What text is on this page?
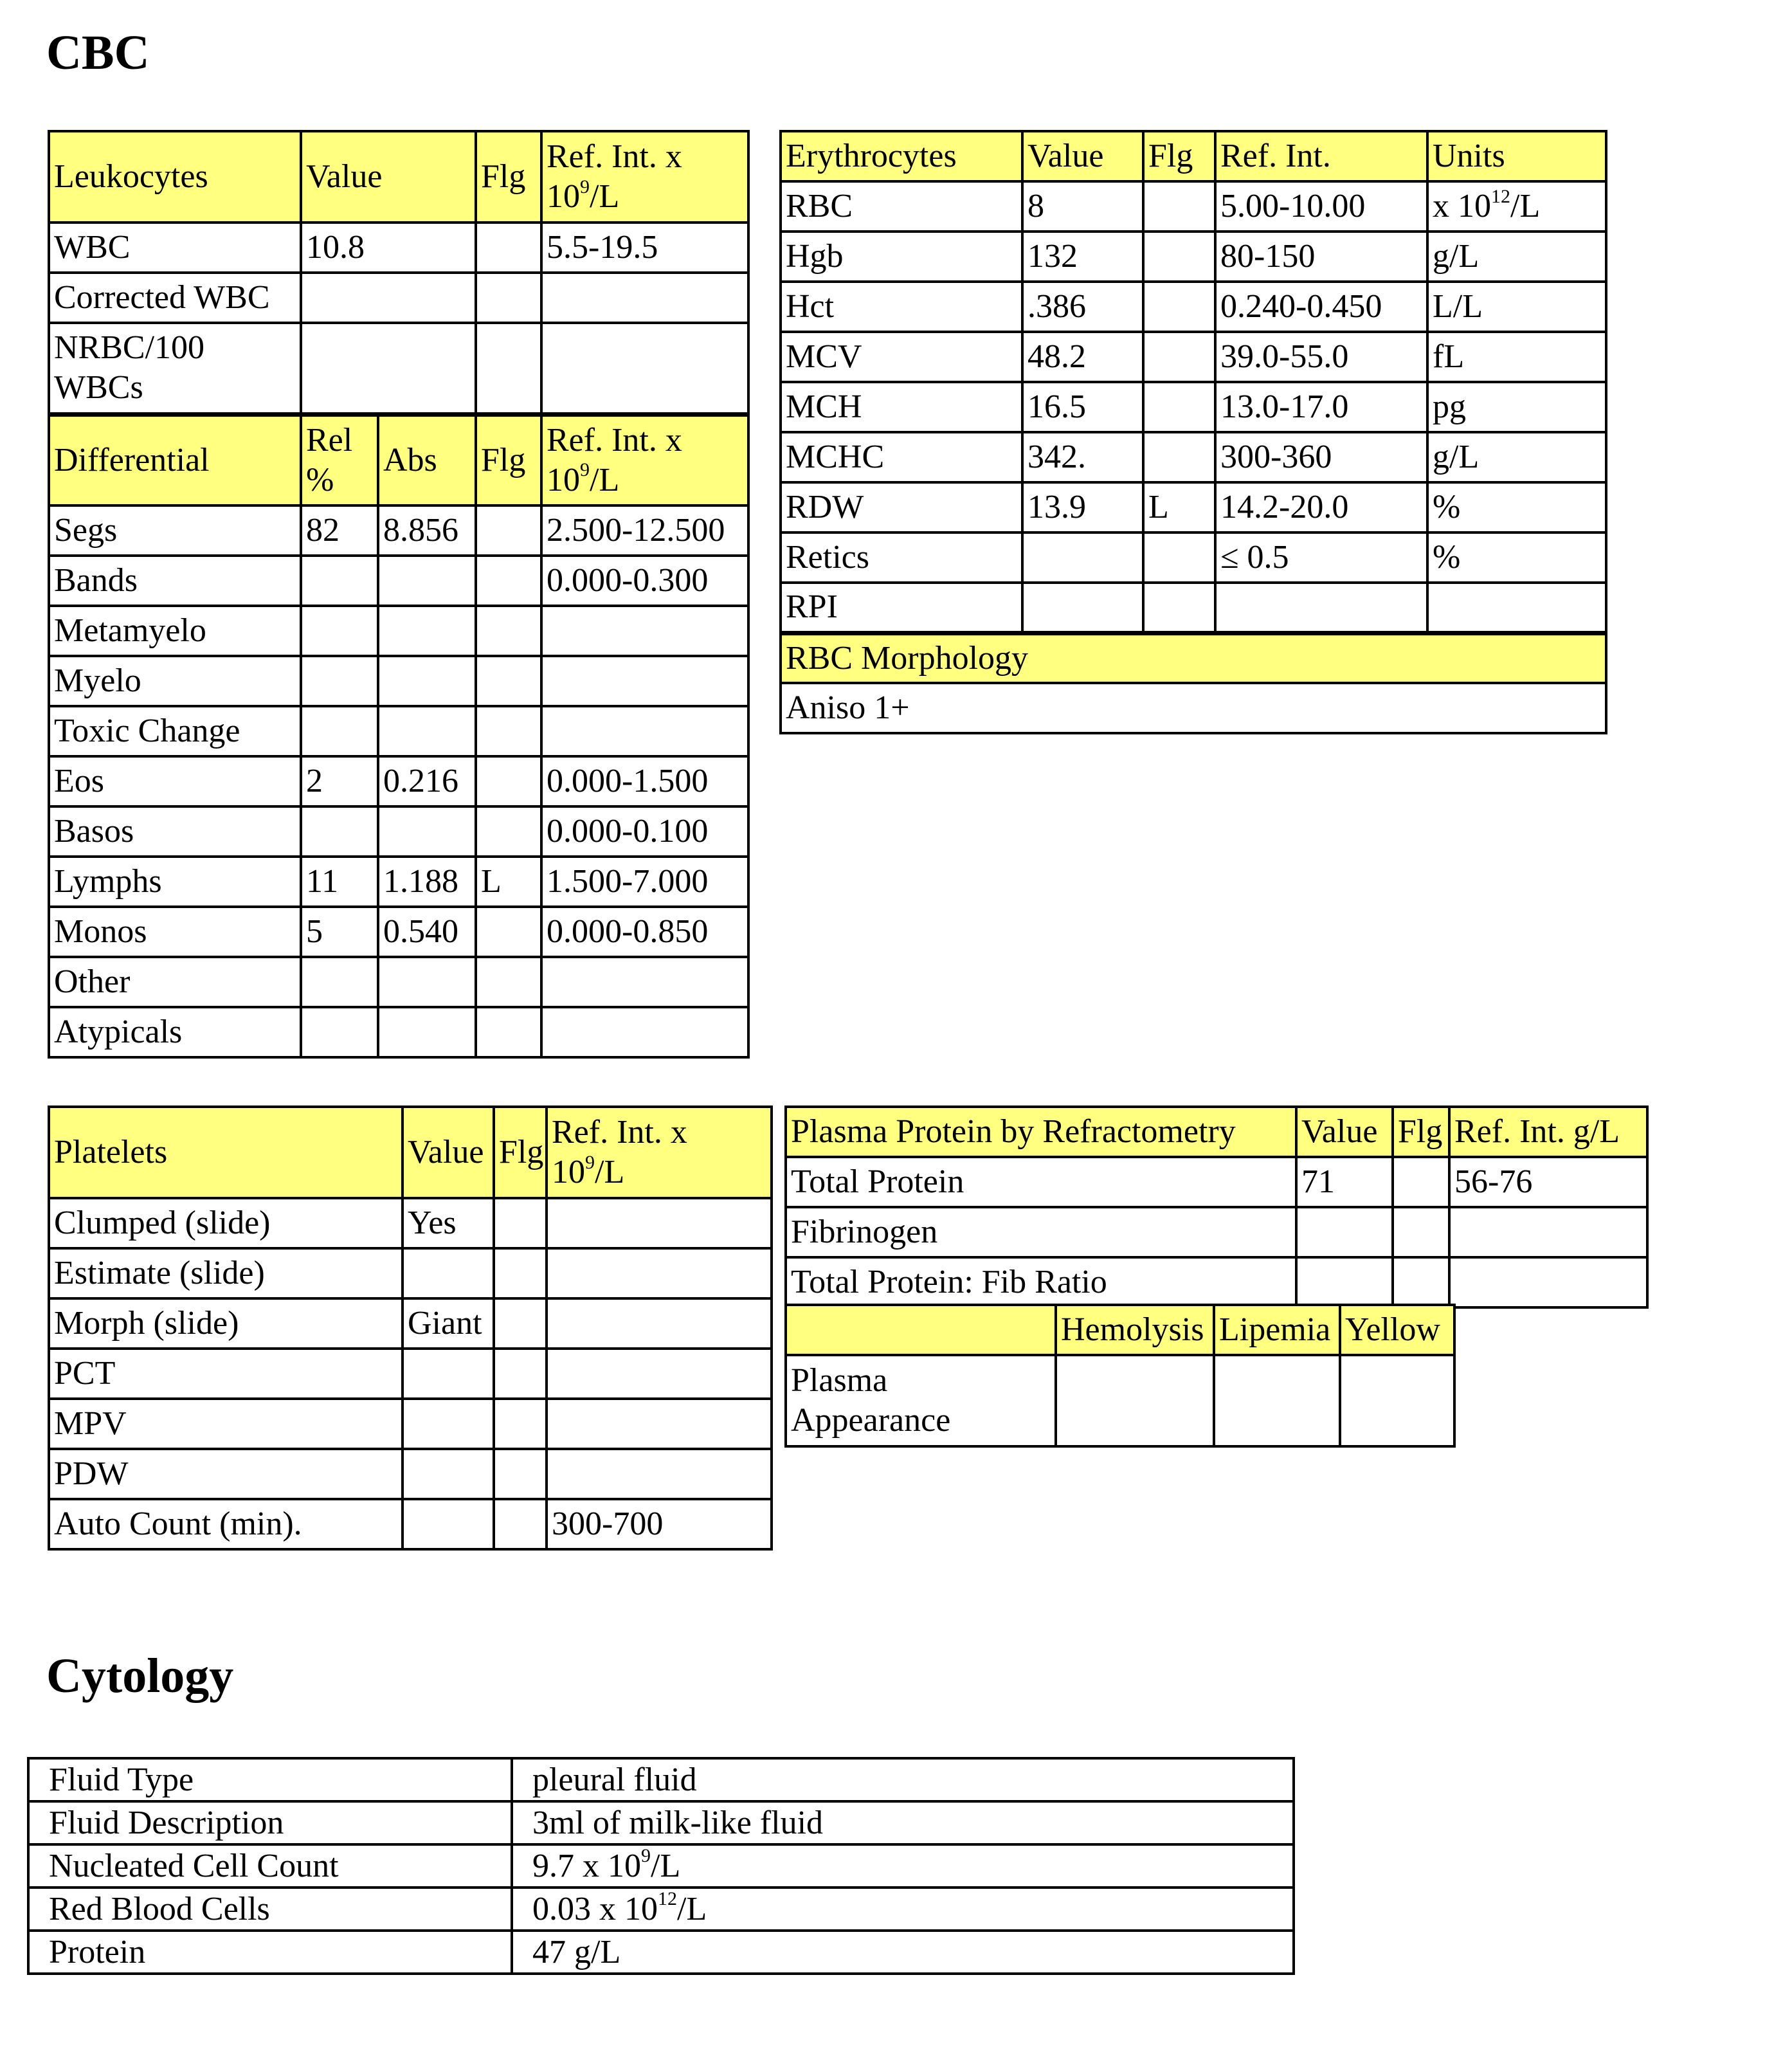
CBC
Leukocytes	Value		Flg	Ref. Int. x $10^9/L$
WBC	10.8			5.5-19.5
Corrected WBC				
NRBC/100 WBCs				
Differential	Rel %	Abs	Flg	Ref. Int. x $10^9/L$
Segs	82	8.856		2.500-12.500
Bands				0.000-0.300
Metamyelo				
Myelo				
Toxic Change				
Eos	2	0.216		0.000-1.500
Basos				0.000-0.100
Lymphs	11	1.188	L	1.500-7.000
Monos	5	0.540		0.000-0.850
Other				
Atypicals				
Erythrocytes	Value	Flg	Ref. Int.	Units
RBC	8		5.00-10.00	x $10^{12}/L$
Hgb	132		80-150	g/L
Hct	.386		0.240-0.450	L/L
MCV	48.2		39.0-55.0	fL
MCH	16.5		13.0-17.0	pg
MCHC	342.		300-360	g/L
RDW	13.9	L	14.2-20.0	%
Retics			≤ 0.5	%
RPI				
RBC Morphology				
Aniso 1+				
Platelets	Value	Flg	Ref. Int. x $10^9/L$
Clumped (slide)	Yes		
Estimate (slide)			
Morph (slide)	Giant		
PCT			
MPV			
PDW			
Auto Count (min).			300-700
Plasma Protein by Refractometry	Value	Flg	Ref. Int. g/L
Total Protein	71		56-76
Fibrinogen			
Total Protein: Fib Ratio			
	Hemolysis	Lipemia	Yellow
Plasma Appearance			
Cytology
Fluid Type	pleural fluid
Fluid Description	3ml of milk-like fluid
Nucleated Cell Count	9.7 x $10^9/L$
Red Blood Cells	0.03 x $10^{12}/L$
Protein	47 g/L
